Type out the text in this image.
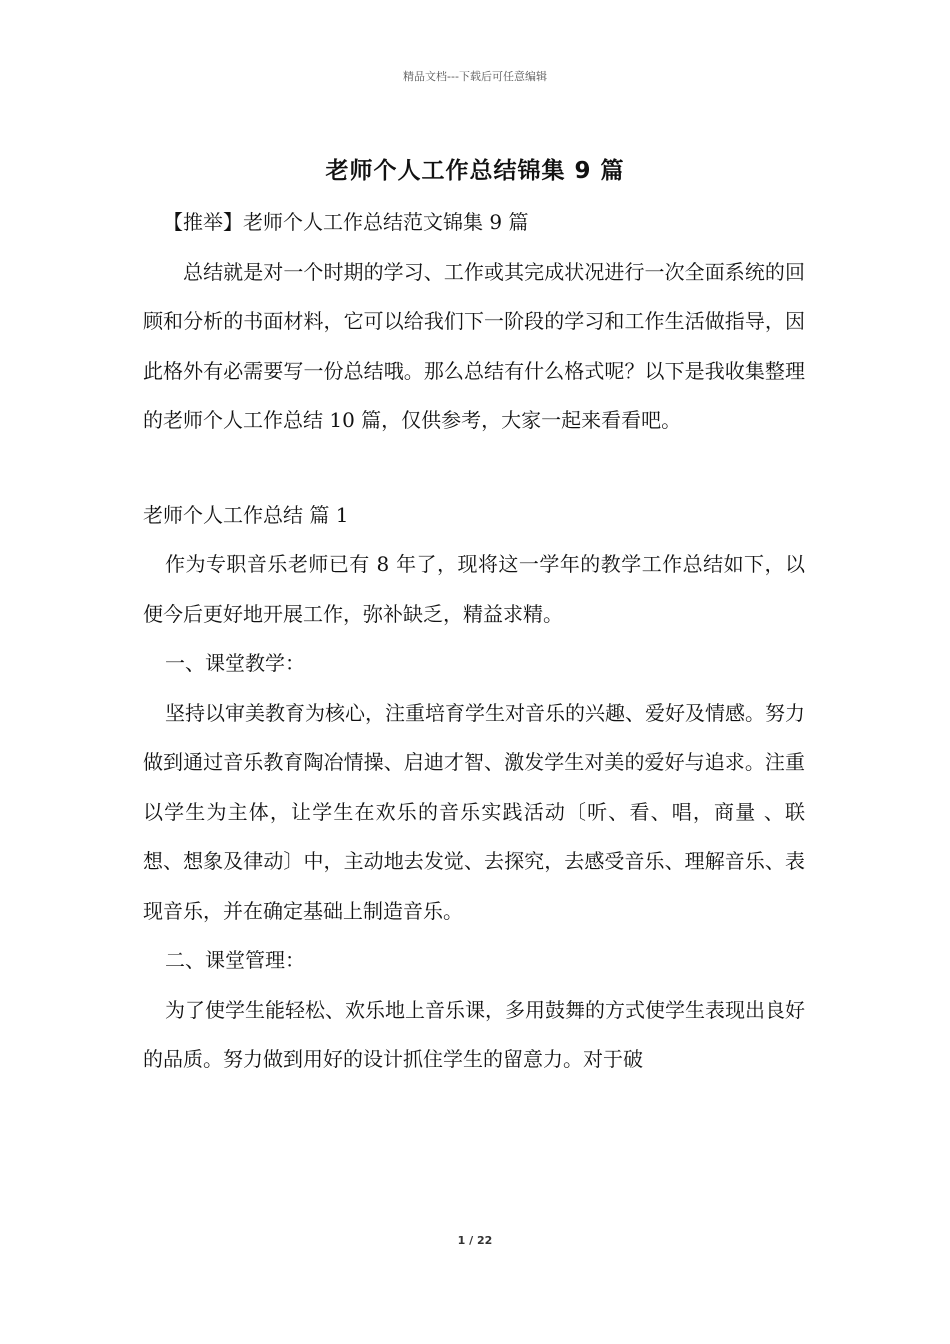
精品文档---下载后可任意编辑
老师个人工作总结锦集 9 篇

【推举】老师个人工作总结范文锦集 9 篇

总结就是对一个时期的学习、工作或其完成状况进行一次全面系统的回顾和分析的书面材料，它可以给我们下一阶段的学习和工作生活做指导，因此格外有必需要写一份总结哦。那么总结有什么格式呢？以下是我收集整理的老师个人工作总结 10 篇，仅供参考，大家一起来看看吧。

老师个人工作总结 篇 1

作为专职音乐老师已有 8 年了，现将这一学年的教学工作总结如下，以便今后更好地开展工作，弥补缺乏，精益求精。

一、课堂教学：

坚持以审美教育为核心，注重培育学生对音乐的兴趣、爱好及情感。努力做到通过音乐教育陶冶情操、启迪才智、激发学生对美的爱好与追求。注重以学生为主体，让学生在欢乐的音乐实践活动〔听、看、唱，商量 、联想、想象及律动〕中，主动地去发觉、去探究，去感受音乐、理解音乐、表现音乐，并在确定基础上制造音乐。

二、课堂管理：

为了使学生能轻松、欢乐地上音乐课，多用鼓舞的方式使学生表现出良好的品质。努力做到用好的设计抓住学生的留意力。对于破

1 / 22
